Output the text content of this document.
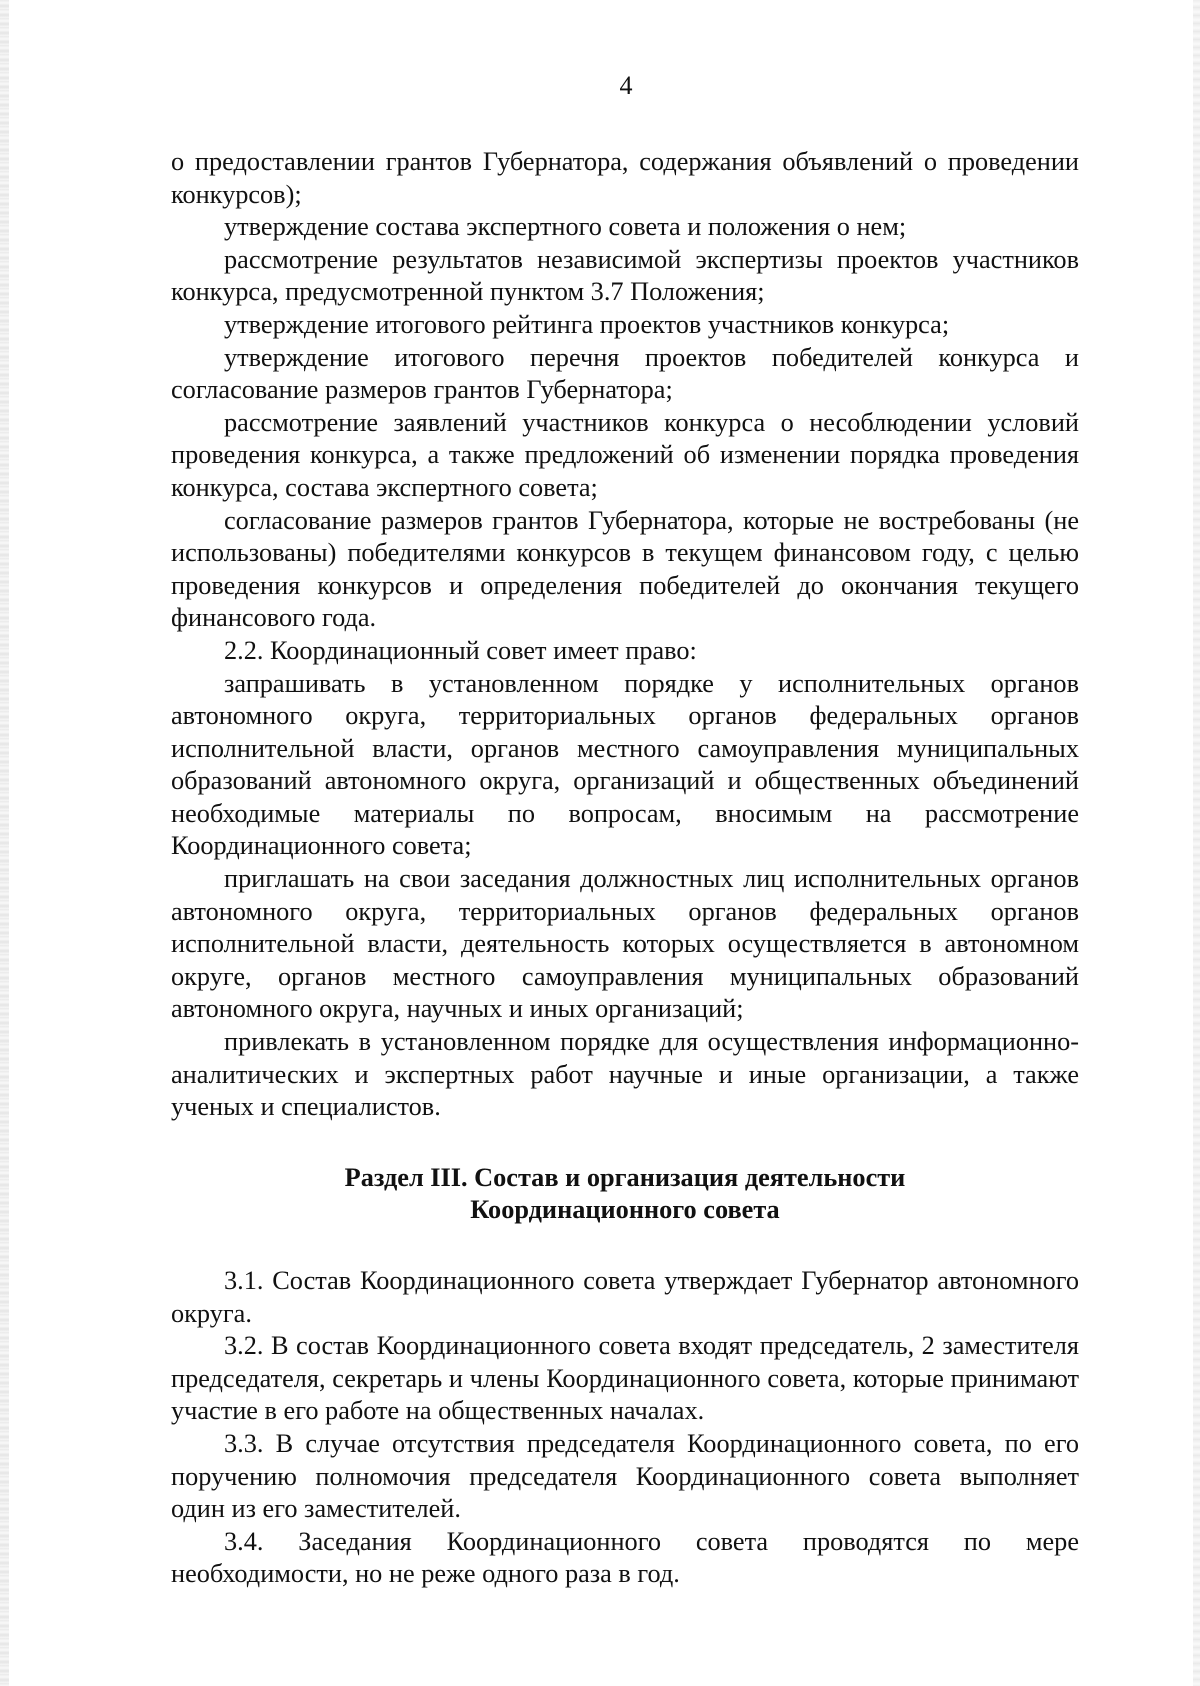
4

о предоставлении грантов Губернатора, содержания объявлений о проведении конкурсов);

утверждение состава экспертного совета и положения о нем;

рассмотрение результатов независимой экспертизы проектов участников конкурса, предусмотренной пунктом 3.7 Положения;

утверждение итогового рейтинга проектов участников конкурса;

утверждение итогового перечня проектов победителей конкурса и согласование размеров грантов Губернатора;

рассмотрение заявлений участников конкурса о несоблюдении условий проведения конкурса, а также предложений об изменении порядка проведения конкурса, состава экспертного совета;

согласование размеров грантов Губернатора, которые не востребованы (не использованы) победителями конкурсов в текущем финансовом году, с целью проведения конкурсов и определения победителей до окончания текущего финансового года.

2.2. Координационный совет имеет право:

запрашивать в установленном порядке у исполнительных органов автономного округа, территориальных органов федеральных органов исполнительной власти, органов местного самоуправления муниципальных образований автономного округа, организаций и общественных объединений необходимые материалы по вопросам, вносимым на рассмотрение Координационного совета;

приглашать на свои заседания должностных лиц исполнительных органов автономного округа, территориальных органов федеральных органов исполнительной власти, деятельность которых осуществляется в автономном округе, органов местного самоуправления муниципальных образований автономного округа, научных и иных организаций;

привлекать в установленном порядке для осуществления информационно-аналитических и экспертных работ научные и иные организации, а также ученых и специалистов.

Раздел III. Состав и организация деятельности
Координационного совета

3.1. Состав Координационного совета утверждает Губернатор автономного округа.

3.2. В состав Координационного совета входят председатель, 2 заместителя председателя, секретарь и члены Координационного совета, которые принимают участие в его работе на общественных началах.

3.3. В случае отсутствия председателя Координационного совета, по его поручению полномочия председателя Координационного совета выполняет один из его заместителей.

3.4. Заседания Координационного совета проводятся по мере необходимости, но не реже одного раза в год.
